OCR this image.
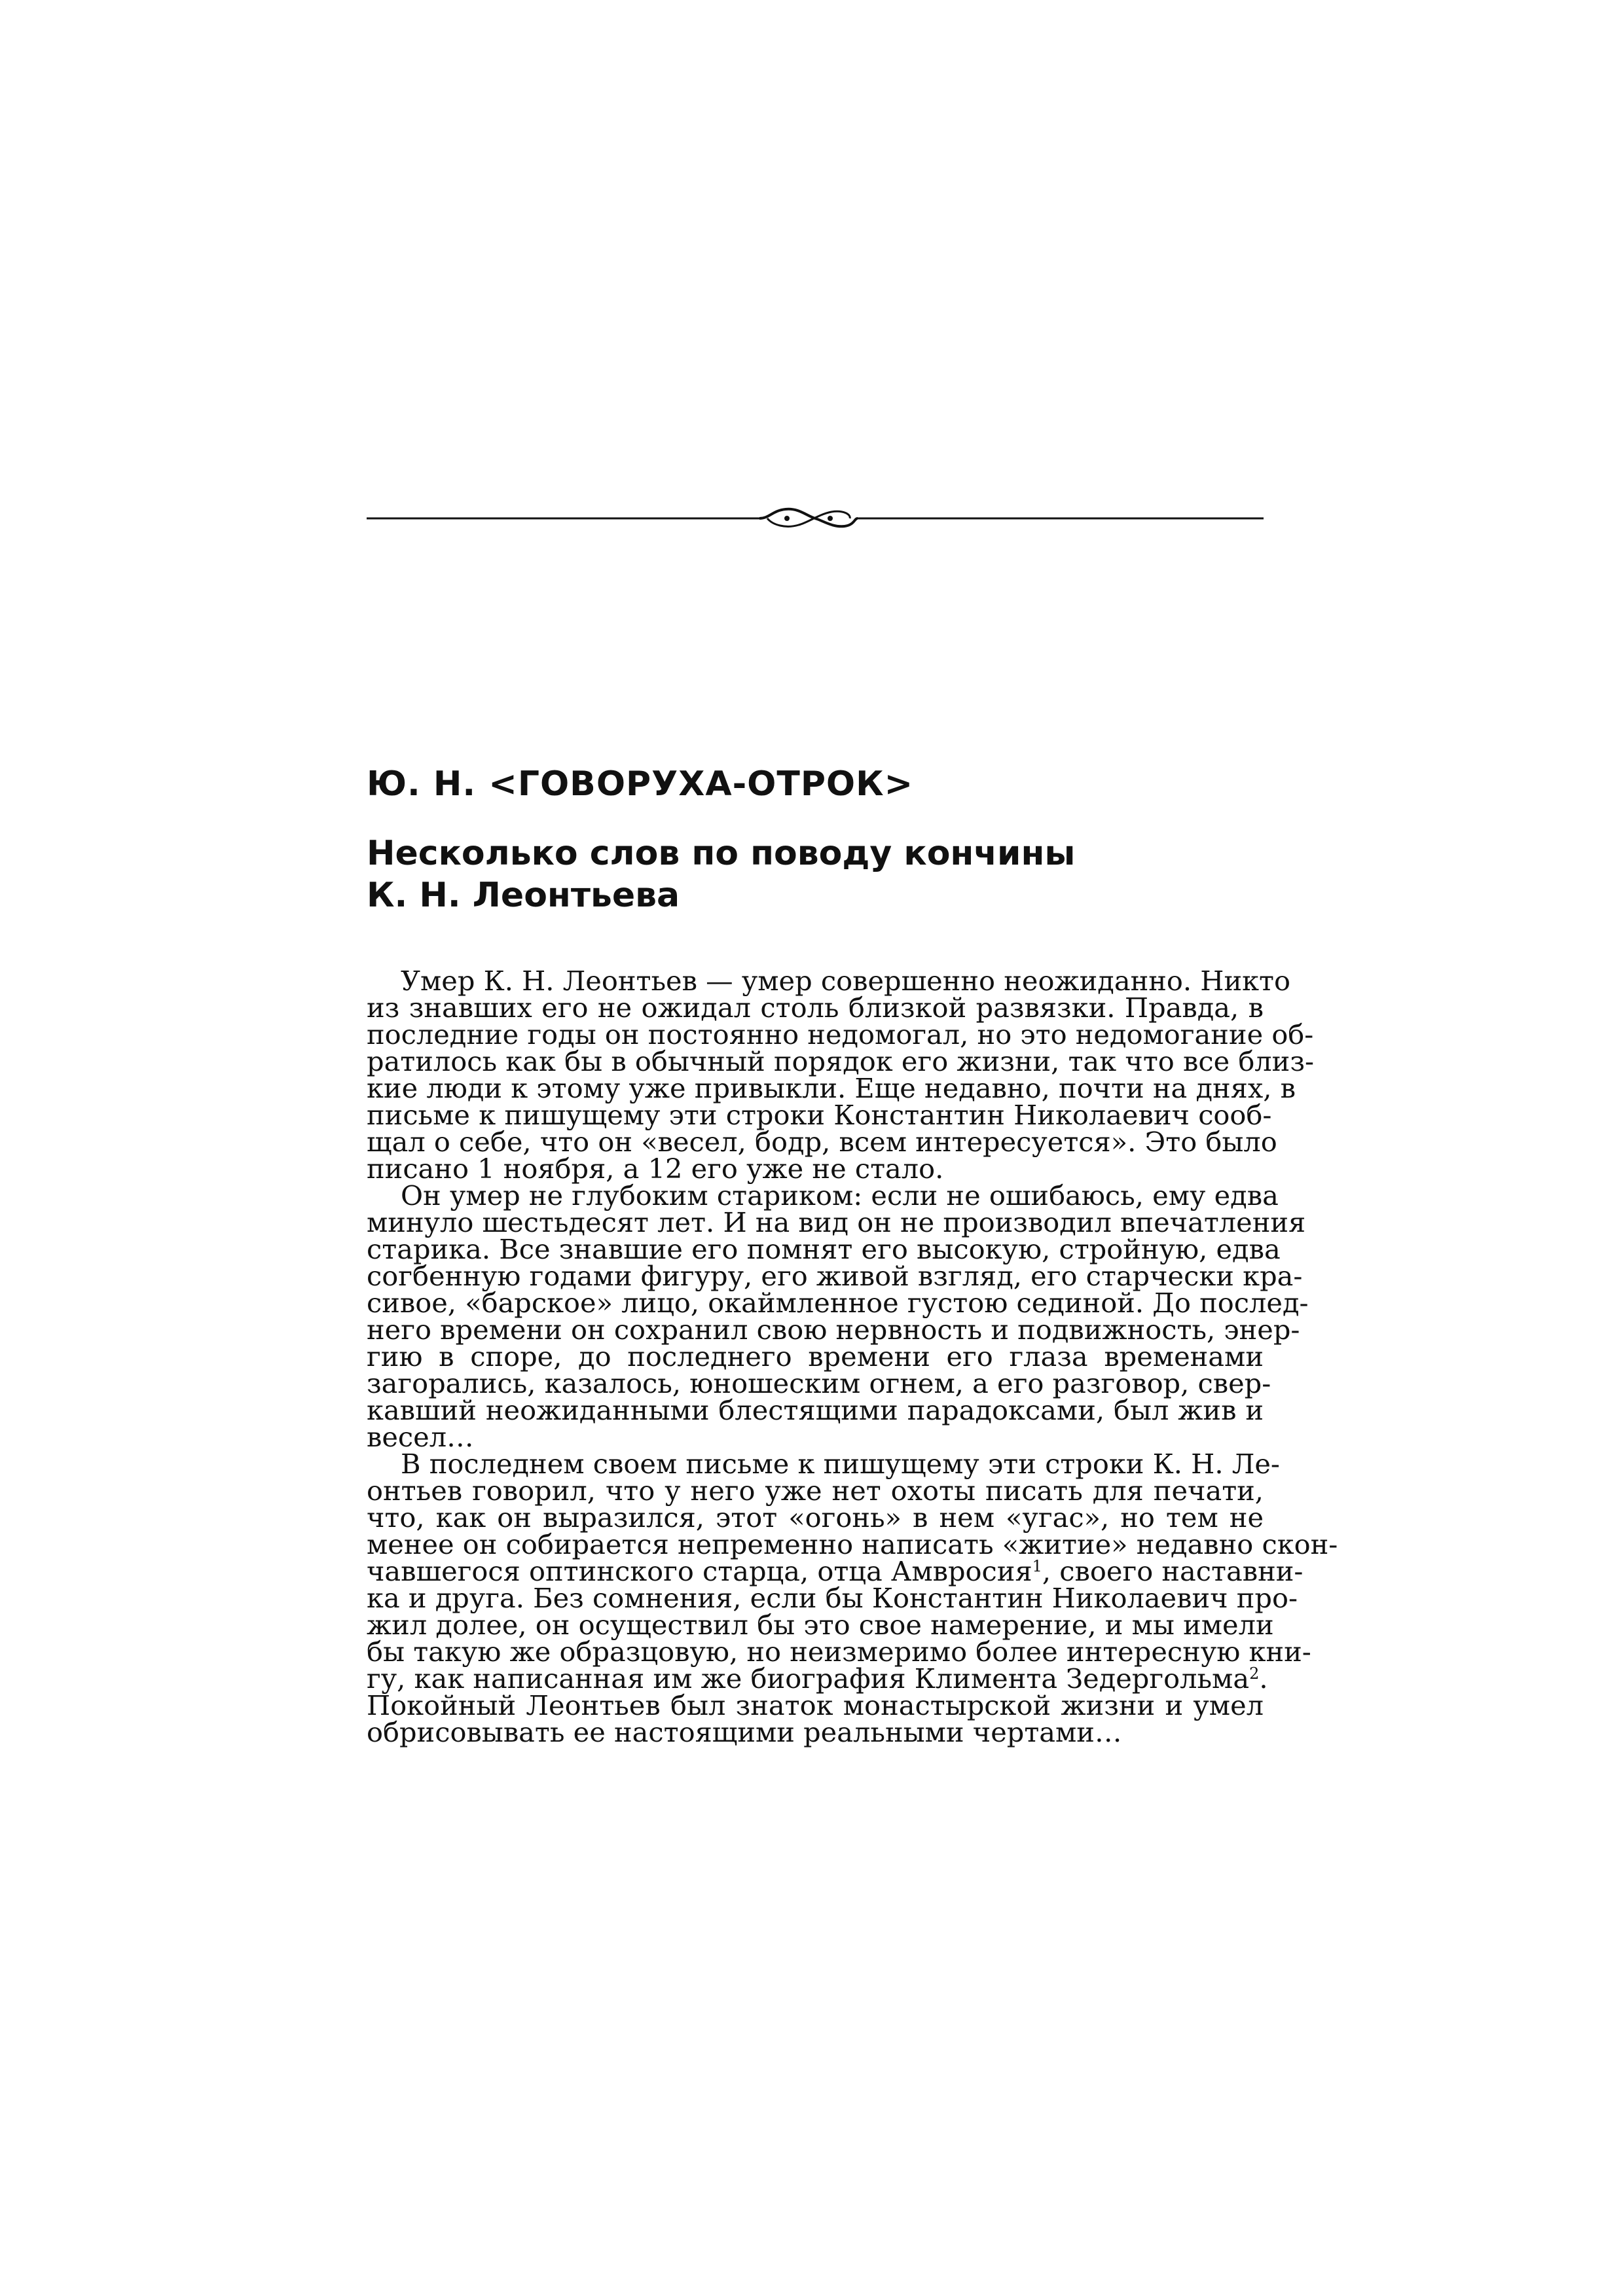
Ю. Н. <ГОВОРУХА-ОТРОК>
Несколько слов по поводу кончины
К. Н. Леонтьева
Умер К. Н. Леонтьев — умер совершенно неожиданно. Никто
из знавших его не ожидал столь близкой развязки. Правда, в
последние годы он постоянно недомогал, но это недомогание об-
ратилось как бы в обычный порядок его жизни, так что все близ-
кие люди к этому уже привыкли. Еще недавно, почти на днях, в
письме к пишущему эти строки Константин Николаевич сооб-
щал о себе, что он «весел, бодр, всем интересуется». Это было
писано 1 ноября, а 12 его уже не стало.
Он умер не глубоким стариком: если не ошибаюсь, ему едва
минуло шестьдесят лет. И на вид он не производил впечатления
старика. Все знавшие его помнят его высокую, стройную, едва
согбенную годами фигуру, его живой взгляд, его старчески кра-
сивое, «барское» лицо, окаймленное густою сединой. До послед-
него времени он сохранил свою нервность и подвижность, энер-
гию в споре, до последнего времени его глаза временами
загорались, казалось, юношеским огнем, а его разговор, свер-
кавший неожиданными блестящими парадоксами, был жив и
весел…
В последнем своем письме к пишущему эти строки К. Н. Ле-
онтьев говорил, что у него уже нет охоты писать для печати,
что, как он выразился, этот «огонь» в нем «угас», но тем не
менее он собирается непременно написать «житие» недавно скон-
чавшегося оптинского старца, отца Амвросия$^1$, своего наставни-
ка и друга. Без сомнения, если бы Константин Николаевич про-
жил долее, он осуществил бы это свое намерение, и мы имели
бы такую же образцовую, но неизмеримо более интересную кни-
гу, как написанная им же биография Климента Зедергольма$^2$.
Покойный Леонтьев был знаток монастырской жизни и умел
обрисовывать ее настоящими реальными чертами…
